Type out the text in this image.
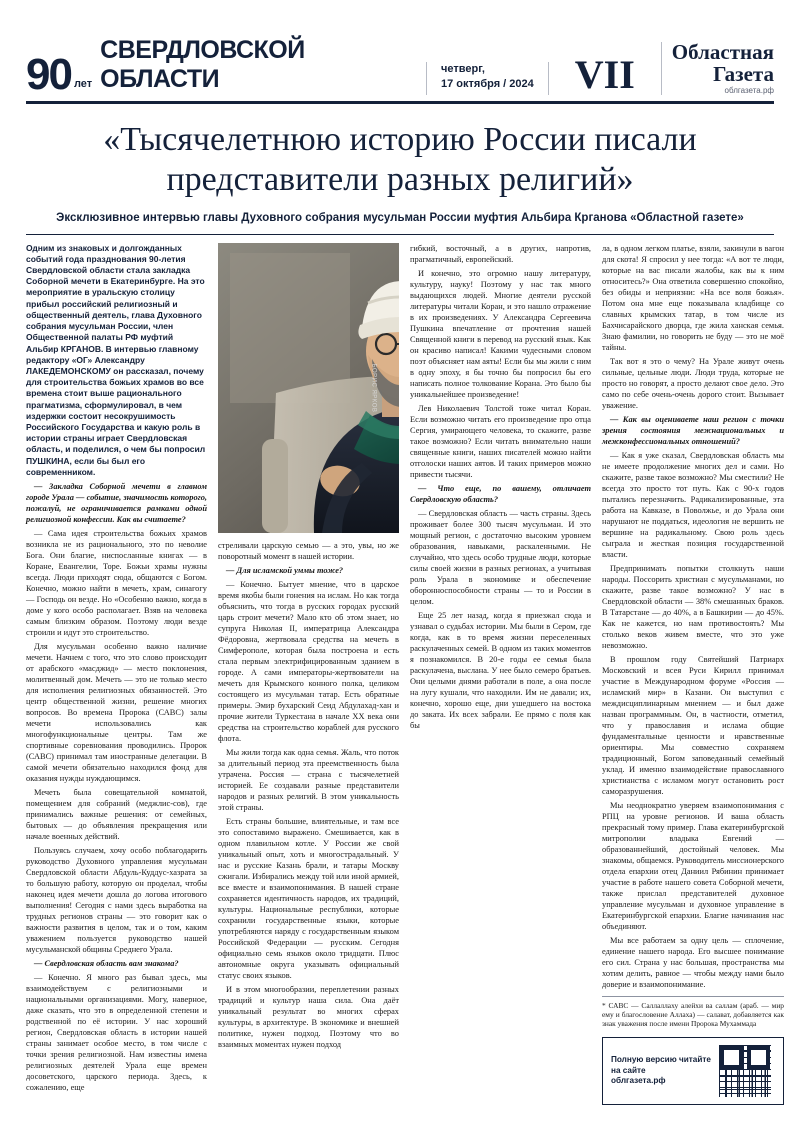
90 лет
СВЕРДЛОВСКОЙ ОБЛАСТИ	четверг,
17 октября / 2024	VII	Областная
Газета
облгазета.рф
«Тысячелетнюю историю России писали представители разных религий»
Эксклюзивное интервью главы Духовного собрания мусульман России муфтия Альбира Крганова «Областной газете»

Одним из знаковых и долгожданных событий года празднования 90-летия Свердловской области стала закладка Соборной мечети в Екатеринбурге. На это мероприятие в уральскую столицу прибыл российский религиозный и общественный деятель, глава Духовного собрания мусульман России, член Общественной палаты РФ муфтий Альбир КРГАНОВ. В интервью главному редактору «ОГ» Александру ЛАКЕДЕМОНСКОМУ он рассказал, почему для строительства божьих храмов во все времена стоит выше рационального прагматизма, сформулировал, в чем издержки состоит несокрушимость Российского Государства и какую роль в истории страны играет Свердловская область, и поделился, о чем бы попросил ПУШКИНА, если бы был его современником.

— Закладка Соборной мечети в главном городе Урала — событие, значимость которого, пожалуй, не ограничивается рамками одной религиозной конфессии. Как вы считаете?

— Сама идея строительства божьих храмов возникла не из рационального, это по неволие Бога. Они благие, ниспосланные книгах — в Коране, Евангелии, Торе. Божьи храмы нужны всегда. Люди приходят сюда, общаются с Богом. Конечно, можно найти в мечеть, храм, синагогу — Господь он везде. Но «Особенно важно, когда в доме у кого особо располагает. Взяв на человека самым близким образом. Поэтому люди везде строили и идут это строительство.

Для мусульман особенно важно наличие мечети. Начнем с того, что это слово происходит от арабского «масджид» — место поклонения, молитвенный дом. Мечеть — это не только место для исполнения религиозных обязанностей. Это центр общественной жизни, решение многих вопросов. Во времена Пророка (САВС) залы мечети использовались как многофункциональные центры. Там же спортивные соревнования проводились. Пророк (САВС) принимал там иностранные делегации. В самой мечети обязательно находился фонд для оказания нужды нуждающимся.

Мечеть была совещательной комнатой, помещением для собраний (меджлис-сов), где принимались важные решения: от семейных, бытовых — до объявления прекращения или начале военных действий.

Пользуясь случаем, хочу особо поблагодарить руководство Духовного управления мусульман Свердловской области Абдуль-Куддус-хазрата за то большую работу, которую он проделал, чтобы наконец идея мечети дошла до логова итогового выполнения! Сегодня с нами здесь выработка на трудных регионов страны — это говорит как о важности развития в целом, так и о том, каким уважением пользуется руководство нашей мусульманской общины Среднего Урала.

— Свердловская область вам знакома?

— Конечно. Я много раз бывал здесь, мы взаимодействуем с религиозными и национальными организациями. Могу, наверное, даже сказать, что это в определенной степени и родственной по её истории. У нас хороший регион, Свердловская область в истории нашей страны занимает особое место, в том числе с точки зрения религиозной. Нам известны имена религиозных деятелей Урала еще времен досоветского, царского периода. Здесь, к сожалению, еще

БОРИС ЯРКОВ

стреливали царскую семью — а это, увы, но же поворотный момент в нашей истории.

— Для исламской уммы тоже?

— Конечно. Бытует мнение, что в царское время якобы были гонения на ислам. Но как тогда объяснить, что тогда в русских городах русский царь строит мечети? Мало кто об этом знает, но супруга Николая II, императрица Александра Фёдоровна, жертвовала средства на мечеть в Симферополе, которая была построена и есть стала первым электрифицированным зданием в городе. А сами императоры-жертвователи на мечеть для Крымского конного полка, целиком состоящего из мусульман татар. Есть обратные примеры. Эмир бухарский Сеид Абдулахад-хан и прочие жители Туркестана в начале XX века они средства на строительство кораблей для русского флота.

Мы жили тогда как одна семья. Жаль, что поток за длительный период эта преемственность была утрачена. Россия — страна с тысячелетней историей. Ее создавали разные представители народов и разных религий. В этом уникальность этой страны.

Есть страны большие, влиятельные, и там все это сопоставимо выражено. Смешивается, как в одном плавильном котле. У России же свой уникальный опыт, хоть и многострадальный. У нас и русские Казань брали, и татары Москву сжигали. Избирались между той или иной армией, все вместе и взаимопонимания. В нашей стране сохраняется идентичность народов, их традиций, культуры. Национальные республики, которые сохранили государственные языки, которые употребляются наряду с государственным языком Российской Федерации — русским. Сегодня официально семь языков около тридцати. Плюс автономные округа указывать официальный статус своих языков.

И в этом многообразии, переплетении разных традиций и культур наша сила. Она даёт уникальный результат во многих сферах культуры, в архитектуре. В экономике и внешней политике, нужен подход. Поэтому что во взаимных моментах нужен подход

гибкий, восточный, а в других, напротив, прагматичный, европейский.

И конечно, это огромно нашу литературу, культуру, науку! Поэтому у нас так много выдающихся людей. Многие деятели русской литературы читали Коран, и это нашло отражение в их произведениях. У Александра Сергеевича Пушкина впечатление от прочтения нашей Священной книги в перевод на русский язык. Как он красиво написал! Какими чудесными словом поэт объясняет нам аяты! Если бы мы жили с ним в одну эпоху, я бы точно бы попросил бы его написать полное толкование Корана. Это было бы уникальнейшее произведение!

Лев Николаевич Толстой тоже читал Коран. Если возможно читать его произведение про отца Сергия, умирающего человека, то скажите, разве такое возможно? Если читать внимательно наши священные книги, наших писателей можно найти отголоски наших аятов. И таких примеров можно привести тысячи.

— Что еще, по вашему, отличает Свердловскую область?

— Свердловская область — часть страны. Здесь проживает более 300 тысяч мусульман. И это мощный регион, с достаточно высоким уровнем образования, навыками, раскаленными. Не случайно, что здесь особо трудные люди, которые силы своей жизни в разных регионах, а учитывая роль Урала в экономике и обеспечение оборонноспособности страны — то и России в целом.

Еще 25 лет назад, когда я приезжал сюда и узнавал о судьбах истории. Мы были в Сером, где когда, как в то время жизни переселенных раскулаченных семей. В одном из таких моментов я познакомился. В 20-е годы ее семья была раскулачена, выслана. У нее было семеро братьев. Они целыми днями работали в поле, а она после на лугу кушали, что находили. Им не давали; их, конечно, хорошо еще, дни ушедшего на востока до заката. Их всех забрали. Ее прямо с поля как бы

ла, в одном легком платье, взяли, закинули в вагон для скота! Я спросил у нее тогда: «А вот те люди, которые на вас писали жалобы, как вы к ним относитесь?» Она ответила совершенно спокойно, без обиды и неприязни: «На все воля божья». Потом она мне еще показывала кладбище со славных крымских татар, в том числе из Бахчисарайского дворца, где жила ханская семья. Знаю фамилии, но говорить не буду — это не моё тайны.

Так вот я это о чему? На Урале живут очень сильные, цельные люди. Люди труда, которые не просто но говорят, а просто делают свое дело. Это само по себе очень-очень дорого стоит. Вызывает уважение.

— Как вы оцениваете наш регион с точки зрения состояния межнациональных и межконфессиональных отношений?

— Как я уже сказал, Свердловская область мы не имеете продолжение многих дел и сами. Но скажите, разве такое возможно? Мы сместили? Не всегда это просто тот путь. Как с 90-х годов пытались перезначить. Радикализированные, эта работа на Кавказе, в Поволжье, и до Урала они нарушают не поддаться, идеология не вершить не вершине на радикальному. Свою роль здесь сыграла и жесткая позиция государственной власти.

Предпринимать попытки столкнуть наши народы. Поссорить христиан с мусульманами, но скажите, разве такое возможно? У нас в Свердловской области — 38% смешанных браков. В Татарстане — до 40%, а в Башкирии — до 45%. Как не кажется, но нам противостоять? Мы столько веков живем вместе, что это уже невозможно.

В прошлом году Святейший Патриарх Московский и всея Руси Кирилл принимал участие в Международном форуме «Россия — исламский мир» в Казани. Он выступил с междисциплинарным мнением — и был даже назван программным. Он, в частности, отметил, что у православия и ислама общие фундаментальные ценности и нравственные ориентиры. Мы совместно сохраняем традиционный, Богом заповеданный семейный уклад. И именно взаимодействие православного христианства с исламом могут остановить рост саморазрушения.

Мы неоднократно уверяем взаимопонимания с РПЦ на уровне регионов. И ваша область прекрасный тому пример. Глава екатеринбургской митрополии владыка Евгений — образованнейший, достойный человек. Мы знакомы, общаемся. Руководитель миссионерского отдела епархии отец Даниил Рябинин принимает участие в работе нашего совета Соборной мечети, также прислал представителей духовное управление мусульман и духовное управление в Екатеринбургской епархии. Благие начинания нас объединяют.

Мы все работаем за одну цель — сплочение, единение нашего народа. Его высшее понимание его сил. Страна у нас большая, пространства мы хотим делить, равное — чтобы между нами было доверие и взаимопонимание.

* САВС — Саллаллаху алейхи ва саллам (араб. — мир ему и благословение Аллаха) — салават, добавляется как знак уважения после имени Пророка Мухаммада

Полную версию читайте
на сайте
облгазета.рф
